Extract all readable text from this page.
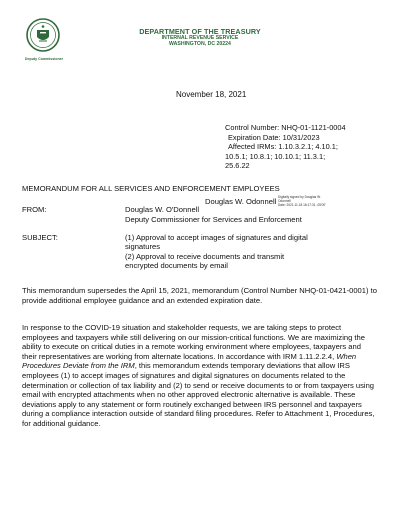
Deputy Commissioner
DEPARTMENT OF THE TREASURY
INTERNAL REVENUE SERVICE
WASHINGTON, DC 20224
November 18, 2021
Control Number: NHQ-01-1121-0004
Expiration Date: 10/31/2023
Affected IRMs: 1.10.3.2.1; 4.10.1;
10.5.1; 10.8.1; 10.10.1; 11.3.1;
25.6.22
MEMORANDUM FOR ALL SERVICES AND ENFORCEMENT EMPLOYEES
FROM:	Douglas W. O'Donnell
Douglas W. Odonnell Digitally signed by Douglas W.
Odonnell
Date: 2021.11.18 16:17:31 -05'00'
Deputy Commissioner for Services and Enforcement
SUBJECT:	(1) Approval to accept images of signatures and digital signatures
(2) Approval to receive documents and transmit encrypted documents by email
This memorandum supersedes the April 15, 2021, memorandum (Control Number NHQ-01-0421-0001) to provide additional employee guidance and an extended expiration date.
In response to the COVID-19 situation and stakeholder requests, we are taking steps to protect employees and taxpayers while still delivering on our mission-critical functions. We are maximizing the ability to execute on critical duties in a remote working environment where employees, taxpayers and their representatives are working from alternate locations. In accordance with IRM 1.11.2.2.4, When Procedures Deviate from the IRM, this memorandum extends temporary deviations that allow IRS employees (1) to accept images of signatures and digital signatures on documents related to the determination or collection of tax liability and (2) to send or receive documents to or from taxpayers using email with encrypted attachments when no other approved electronic alternative is available. These deviations apply to any statement or form routinely exchanged between IRS personnel and taxpayers during a compliance interaction outside of standard filing procedures. Refer to Attachment 1, Procedures, for additional guidance.
